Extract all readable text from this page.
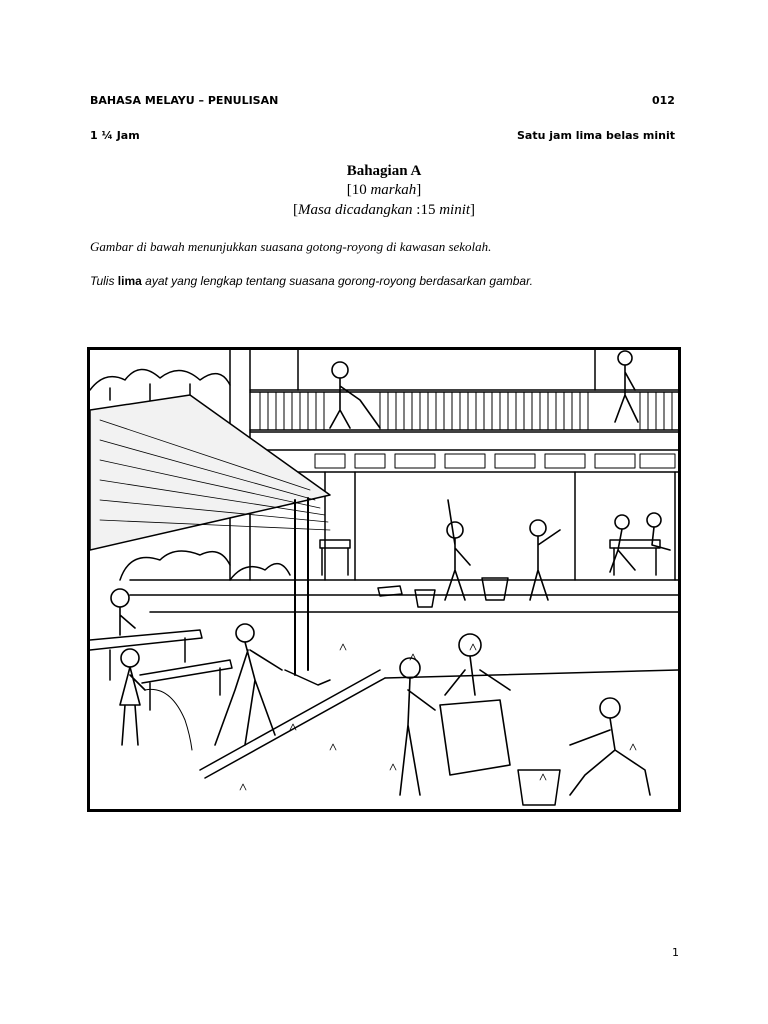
BAHASA MELAYU – PENULISAN	012
1 ¼ Jam	Satu jam lima belas minit
Bahagian A
[10 markah]
[Masa dicadangkan :15 minit]
Gambar di bawah menunjukkan suasana gotong-royong di kawasan sekolah.
Tulis lima ayat yang lengkap tentang suasana gorong-royong berdasarkan gambar.
1
